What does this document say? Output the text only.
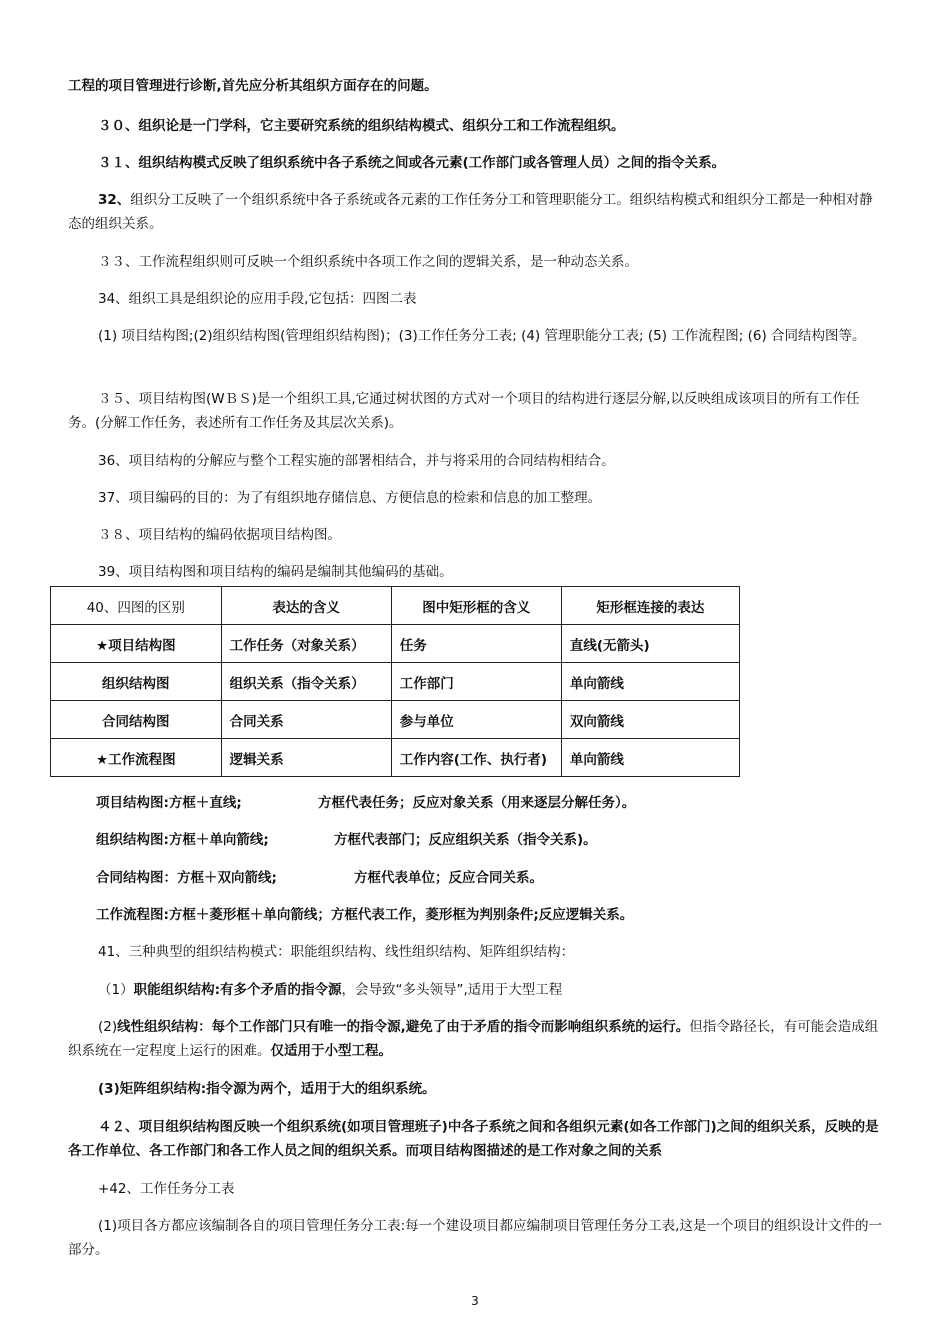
工程的项目管理进行诊断,首先应分析其组织方面存在的问题。

３０、组织论是一门学科，它主要研究系统的组织结构模式、组织分工和工作流程组织。

３１、组织结构模式反映了组织系统中各子系统之间或各元素(工作部门或各管理人员）之间的指令关系。

32、组织分工反映了一个组织系统中各子系统或各元素的工作任务分工和管理职能分工。组织结构模式和组织分工都是一种相对静态的组织关系。

３３、工作流程组织则可反映一个组织系统中各项工作之间的逻辑关系，是一种动态关系。

34、组织工具是组织论的应用手段,它包括：四图二表

(1) 项目结构图;(2)组织结构图(管理组织结构图)；(3)工作任务分工表; (4) 管理职能分工表; (5) 工作流程图; (6) 合同结构图等。

３５、项目结构图(WＢＳ)是一个组织工具,它通过树状图的方式对一个项目的结构进行逐层分解,以反映组成该项目的所有工作任务。(分解工作任务，表述所有工作任务及其层次关系)。

36、项目结构的分解应与整个工程实施的部署相结合，并与将采用的合同结构相结合。

37、项目编码的目的：为了有组织地存储信息、方便信息的检索和信息的加工整理。

３８、项目结构的编码依据项目结构图。

39、项目结构图和项目结构的编码是编制其他编码的基础。

40、四图的区别	表达的含义	图中矩形框的含义	矩形框连接的表达
★项目结构图	工作任务（对象关系）	任务	直线(无箭头)
组织结构图	组织关系（指令关系）	工作部门	单向箭线
合同结构图	合同关系	参与单位	双向箭线
★工作流程图	逻辑关系	工作内容(工作、执行者)	单向箭线

项目结构图:方框＋直线;	方框代表任务；反应对象关系（用来逐层分解任务）。

组织结构图:方框＋单向箭线;	方框代表部门；反应组织关系（指令关系)。

合同结构图：方框＋双向箭线;	方框代表单位；反应合同关系。

工作流程图:方框＋菱形框＋单向箭线；方框代表工作，菱形框为判别条件;反应逻辑关系。

41、三种典型的组织结构模式：职能组织结构、线性组织结构、矩阵组织结构：

（1）职能组织结构:有多个矛盾的指令源，会导致“多头领导”,适用于大型工程

(2)线性组织结构：每个工作部门只有唯一的指令源,避免了由于矛盾的指令而影响组织系统的运行。但指令路径长，有可能会造成组织系统在一定程度上运行的困难。仅适用于小型工程。

(3)矩阵组织结构:指令源为两个，适用于大的组织系统。

４２、项目组织结构图反映一个组织系统(如项目管理班子)中各子系统之间和各组织元素(如各工作部门)之间的组织关系，反映的是各工作单位、各工作部门和各工作人员之间的组织关系。而项目结构图描述的是工作对象之间的关系

+42、工作任务分工表

(1)项目各方都应该编制各自的项目管理任务分工表:每一个建设项目都应编制项目管理任务分工表,这是一个项目的组织设计文件的一部分。

3
